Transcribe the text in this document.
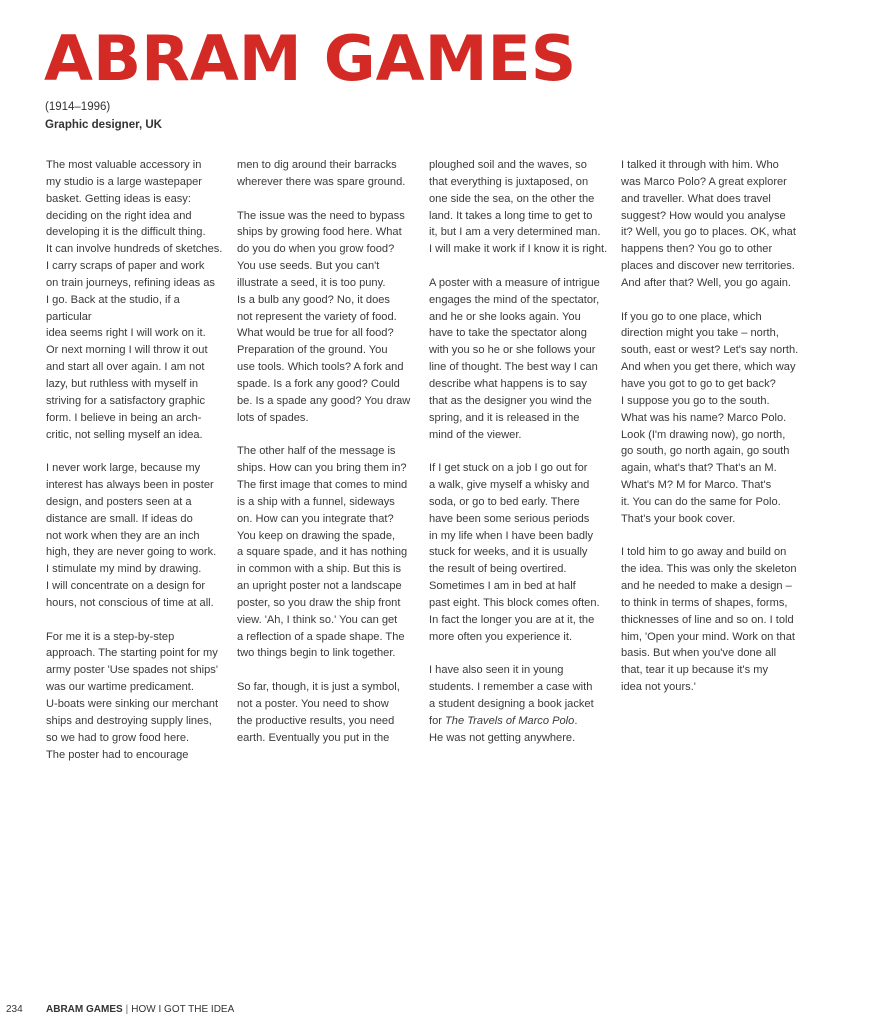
ABRAM GAMES
(1914–1996)
Graphic designer, UK

The most valuable accessory in
my studio is a large wastepaper
basket. Getting ideas is easy:
deciding on the right idea and
developing it is the difficult thing.
It can involve hundreds of sketches.
I carry scraps of paper and work
on train journeys, refining ideas as
I go. Back at the studio, if a particular
idea seems right I will work on it.
Or next morning I will throw it out
and start all over again. I am not
lazy, but ruthless with myself in
striving for a satisfactory graphic
form. I believe in being an arch-
critic, not selling myself an idea.

I never work large, because my
interest has always been in poster
design, and posters seen at a
distance are small. If ideas do
not work when they are an inch
high, they are never going to work.
I stimulate my mind by drawing.
I will concentrate on a design for
hours, not conscious of time at all.

For me it is a step-by-step
approach. The starting point for my
army poster 'Use spades not ships'
was our wartime predicament.
U-boats were sinking our merchant
ships and destroying supply lines,
so we had to grow food here.
The poster had to encourage

men to dig around their barracks
wherever there was spare ground.

The issue was the need to bypass
ships by growing food here. What
do you do when you grow food?
You use seeds. But you can't
illustrate a seed, it is too puny.
Is a bulb any good? No, it does
not represent the variety of food.
What would be true for all food?
Preparation of the ground. You
use tools. Which tools? A fork and
spade. Is a fork any good? Could
be. Is a spade any good? You draw
lots of spades.

The other half of the message is
ships. How can you bring them in?
The first image that comes to mind
is a ship with a funnel, sideways
on. How can you integrate that?
You keep on drawing the spade,
a square spade, and it has nothing
in common with a ship. But this is
an upright poster not a landscape
poster, so you draw the ship front
view. 'Ah, I think so.' You can get
a reflection of a spade shape. The
two things begin to link together.

So far, though, it is just a symbol,
not a poster. You need to show
the productive results, you need
earth. Eventually you put in the

ploughed soil and the waves, so
that everything is juxtaposed, on
one side the sea, on the other the
land. It takes a long time to get to
it, but I am a very determined man.
I will make it work if I know it is right.

A poster with a measure of intrigue
engages the mind of the spectator,
and he or she looks again. You
have to take the spectator along
with you so he or she follows your
line of thought. The best way I can
describe what happens is to say
that as the designer you wind the
spring, and it is released in the
mind of the viewer.

If I get stuck on a job I go out for
a walk, give myself a whisky and
soda, or go to bed early. There
have been some serious periods
in my life when I have been badly
stuck for weeks, and it is usually
the result of being overtired.
Sometimes I am in bed at half
past eight. This block comes often.
In fact the longer you are at it, the
more often you experience it.

I have also seen it in young
students. I remember a case with
a student designing a book jacket
for The Travels of Marco Polo.
He was not getting anywhere.

I talked it through with him. Who
was Marco Polo? A great explorer
and traveller. What does travel
suggest? How would you analyse
it? Well, you go to places. OK, what
happens then? You go to other
places and discover new territories.
And after that? Well, you go again.

If you go to one place, which
direction might you take – north,
south, east or west? Let's say north.
And when you get there, which way
have you got to go to get back?
I suppose you go to the south.
What was his name? Marco Polo.
Look (I'm drawing now), go north,
go south, go north again, go south
again, what's that? That's an M.
What's M? M for Marco. That's
it. You can do the same for Polo.
That's your book cover.

I told him to go away and build on
the idea. This was only the skeleton
and he needed to make a design –
to think in terms of shapes, forms,
thicknesses of line and so on. I told
him, 'Open your mind. Work on that
basis. But when you've done all
that, tear it up because it's my
idea not yours.'

234 ABRAM GAMES | HOW I GOT THE IDEA
